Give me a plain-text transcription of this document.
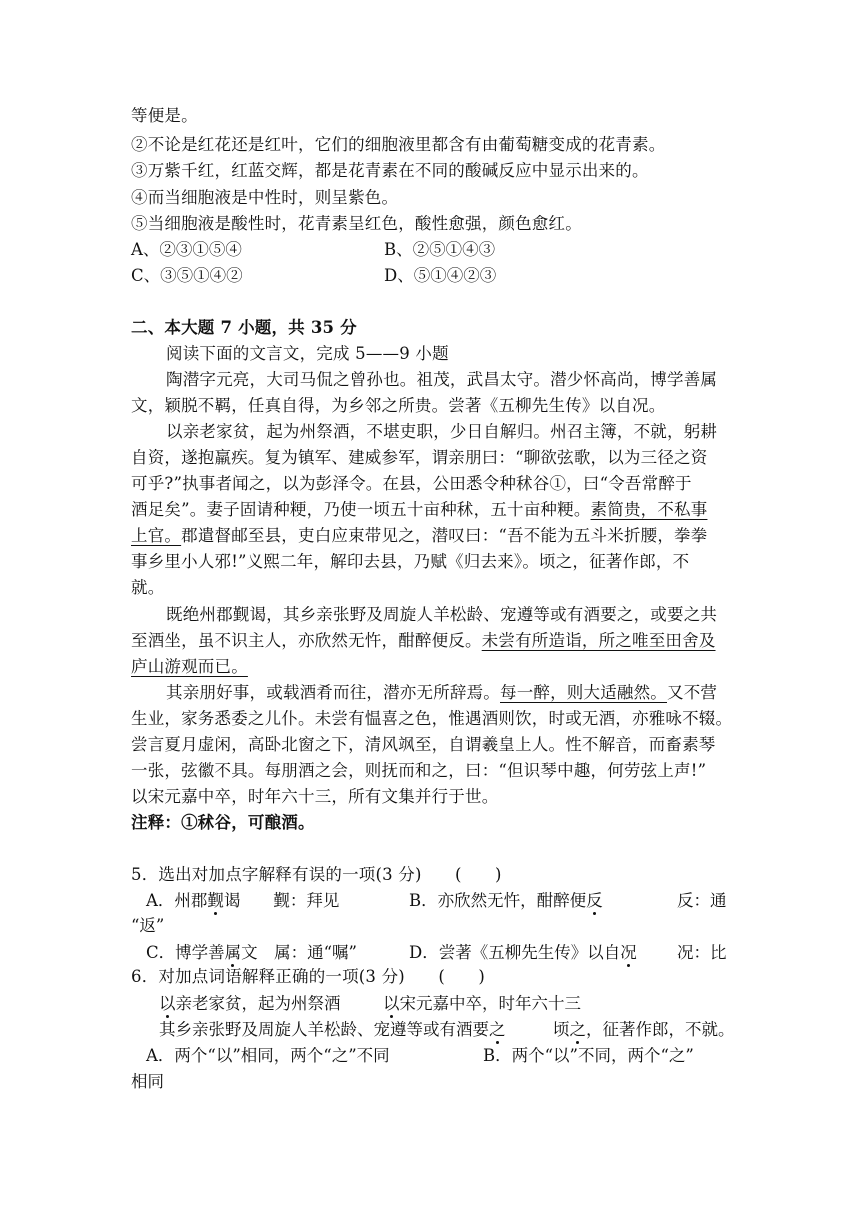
等便是。
②不论是红花还是红叶，它们的细胞液里都含有由葡萄糖变成的花青素。
③万紫千红，红蓝交辉，都是花青素在不同的酸碱反应中显示出来的。
④而当细胞液是中性时，则呈紫色。
⑤当细胞液是酸性时，花青素呈红色，酸性愈强，颜色愈红。
A、②③①⑤④	B、②⑤①④③
C、③⑤①④②	D、⑤①④②③
二、本大题 7 小题，共 35 分
阅读下面的文言文，完成 5——9 小题
陶潜字元亮，大司马侃之曾孙也。祖茂，武昌太守。潜少怀高尚，博学善属
文，颖脱不羁，任真自得，为乡邻之所贵。尝著《五柳先生传》以自况。
以亲老家贫，起为州祭酒，不堪吏职，少日自解归。州召主簿，不就，躬耕
自资，遂抱羸疾。复为镇军、建威参军，谓亲朋曰：“聊欲弦歌，以为三径之资
可乎?”执事者闻之，以为彭泽令。在县，公田悉令种秫谷①，曰“令吾常醉于
酒足矣”。妻子固请种粳，乃使一顷五十亩种秫，五十亩种粳。素简贵，不私事
上官。郡遣督邮至县，吏白应束带见之，潜叹曰：“吾不能为五斗米折腰，拳拳
事乡里小人邪!”义熙二年，解印去县，乃赋《归去来》。顷之，征著作郎，不
就。
既绝州郡觐谒，其乡亲张野及周旋人羊松龄、宠遵等或有酒要之，或要之共
至酒坐，虽不识主人，亦欣然无忤，酣醉便反。未尝有所造诣，所之唯至田舍及
庐山游观而已。
其亲朋好事，或载酒肴而往，潜亦无所辞焉。每一醉，则大适融然。又不营
生业，家务悉委之儿仆。未尝有愠喜之色，惟遇酒则饮，时或无酒，亦雅咏不辍。
尝言夏月虚闲，高卧北窗之下，清风飒至，自谓羲皇上人。性不解音，而畜素琴
一张，弦徽不具。每朋酒之会，则抚而和之，曰：“但识琴中趣，何劳弦上声!”
以宋元嘉中卒，时年六十三，所有文集并行于世。
注释：①秫谷，可酿酒。
5．选出对加点字解释有误的一项(3 分)　　(　　)
A．州郡觐谒　　觐：拜见	B．亦欣然无忤，酣醉便反	反：通
“返”
C．博学善属文　属：通“嘱”	D．尝著《五柳先生传》以自况 况：比
6．对加点词语解释正确的一项(3 分)　　(　　)
以亲老家贫，起为州祭酒	以宋元嘉中卒，时年六十三
其乡亲张野及周旋人羊松龄、宠遵等或有酒要之	顷之，征著作郎，不就。
A．两个“以”相同，两个“之”不同	B．两个“以”不同，两个“之”
相同
